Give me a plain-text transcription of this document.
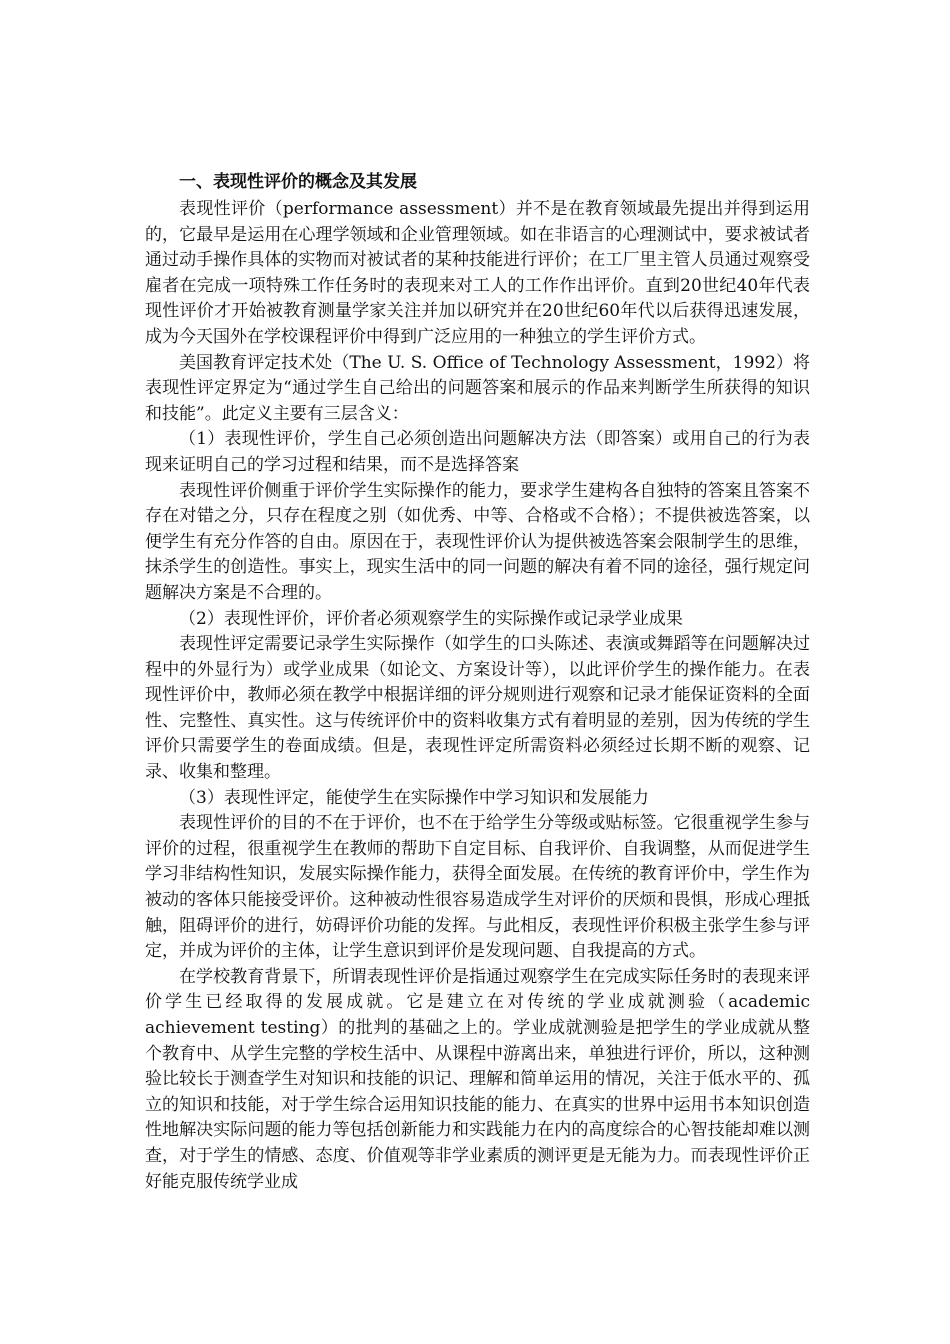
一、表现性评价的概念及其发展

表现性评价（performance assessment）并不是在教育领域最先提出并得到运用的，它最早是运用在心理学领域和企业管理领域。如在非语言的心理测试中，要求被试者通过动手操作具体的实物而对被试者的某种技能进行评价；在工厂里主管人员通过观察受雇者在完成一项特殊工作任务时的表现来对工人的工作作出评价。直到20世纪40年代表现性评价才开始被教育测量学家关注并加以研究并在20世纪60年代以后获得迅速发展，成为今天国外在学校课程评价中得到广泛应用的一种独立的学生评价方式。

美国教育评定技术处（The U. S. Office of Technology Assessment，1992）将表现性评定界定为“通过学生自己给出的问题答案和展示的作品来判断学生所获得的知识和技能”。此定义主要有三层含义：

（1）表现性评价，学生自己必须创造出问题解决方法（即答案）或用自己的行为表现来证明自己的学习过程和结果，而不是选择答案

表现性评价侧重于评价学生实际操作的能力，要求学生建构各自独特的答案且答案不存在对错之分，只存在程度之别（如优秀、中等、合格或不合格）；不提供被选答案，以便学生有充分作答的自由。原因在于，表现性评价认为提供被选答案会限制学生的思维，抹杀学生的创造性。事实上，现实生活中的同一问题的解决有着不同的途径，强行规定问题解决方案是不合理的。

（2）表现性评价，评价者必须观察学生的实际操作或记录学业成果

表现性评定需要记录学生实际操作（如学生的口头陈述、表演或舞蹈等在问题解决过程中的外显行为）或学业成果（如论文、方案设计等），以此评价学生的操作能力。在表现性评价中，教师必须在教学中根据详细的评分规则进行观察和记录才能保证资料的全面性、完整性、真实性。这与传统评价中的资料收集方式有着明显的差别，因为传统的学生评价只需要学生的卷面成绩。但是，表现性评定所需资料必须经过长期不断的观察、记录、收集和整理。

（3）表现性评定，能使学生在实际操作中学习知识和发展能力

表现性评价的目的不在于评价，也不在于给学生分等级或贴标签。它很重视学生参与评价的过程，很重视学生在教师的帮助下自定目标、自我评价、自我调整，从而促进学生学习非结构性知识，发展实际操作能力，获得全面发展。在传统的教育评价中，学生作为被动的客体只能接受评价。这种被动性很容易造成学生对评价的厌烦和畏惧，形成心理抵触，阻碍评价的进行，妨碍评价功能的发挥。与此相反，表现性评价积极主张学生参与评定，并成为评价的主体，让学生意识到评价是发现问题、自我提高的方式。

在学校教育背景下，所谓表现性评价是指通过观察学生在完成实际任务时的表现来评价学生已经取得的发展成就。它是建立在对传统的学业成就测验（academic achievement testing）的批判的基础之上的。学业成就测验是把学生的学业成就从整个教育中、从学生完整的学校生活中、从课程中游离出来，单独进行评价，所以，这种测验比较长于测查学生对知识和技能的识记、理解和简单运用的情况，关注于低水平的、孤立的知识和技能，对于学生综合运用知识技能的能力、在真实的世界中运用书本知识创造性地解决实际问题的能力等包括创新能力和实践能力在内的高度综合的心智技能却难以测查，对于学生的情感、态度、价值观等非学业素质的测评更是无能为力。而表现性评价正好能克服传统学业成
